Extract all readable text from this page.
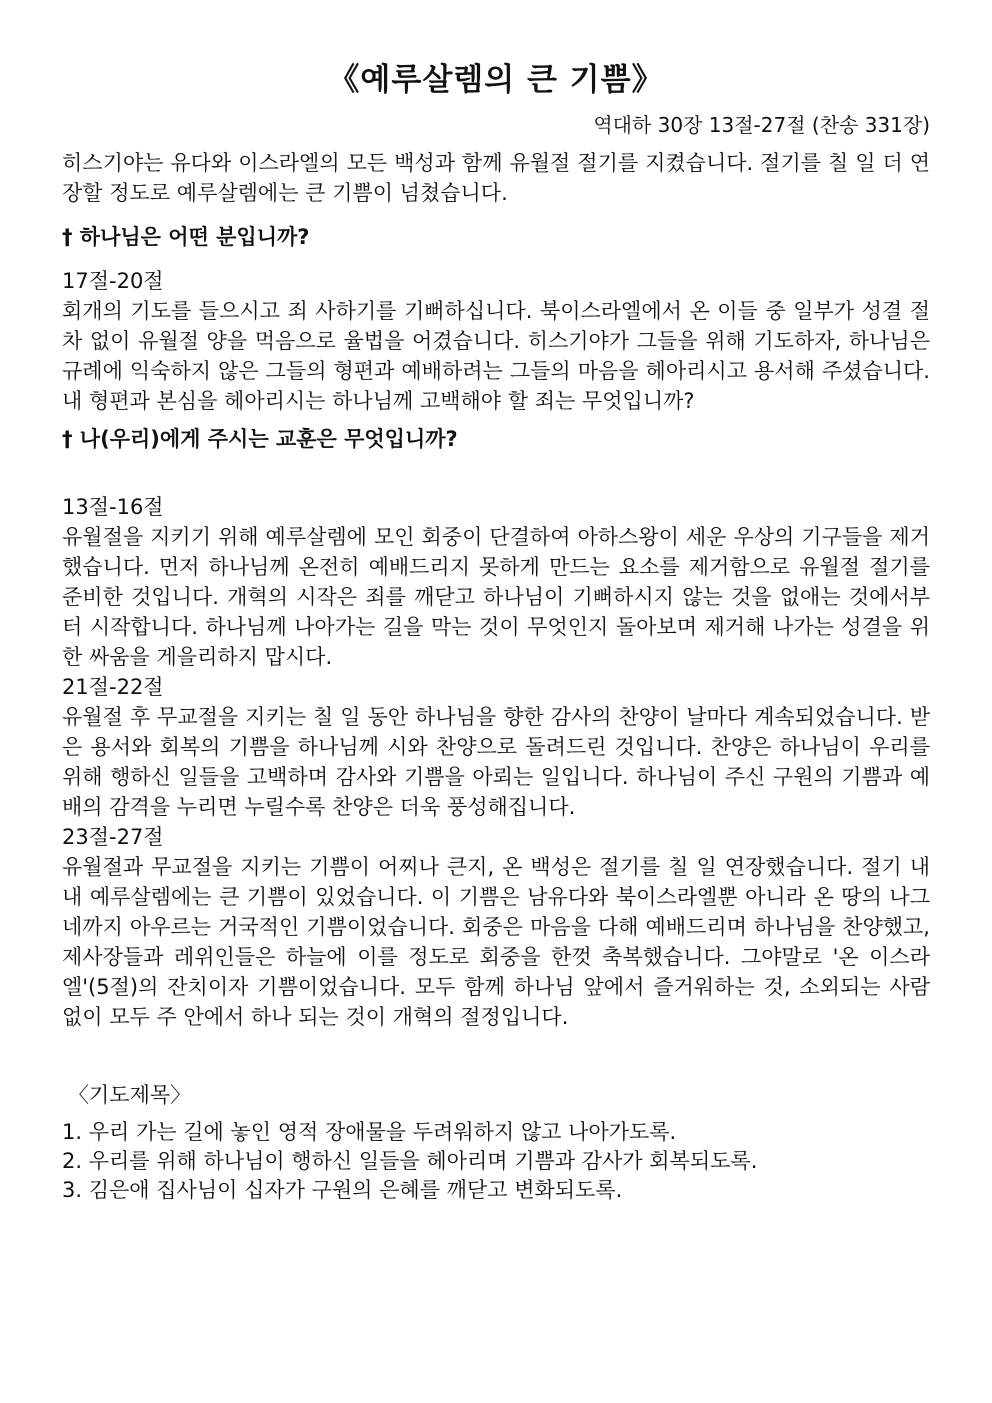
《예루살렘의 큰 기쁨》
역대하 30장 13절-27절 (찬송 331장)

히스기야는 유다와 이스라엘의 모든 백성과 함께 유월절 절기를 지켰습니다. 절기를 칠 일 더 연장할 정도로 예루살렘에는 큰 기쁨이 넘쳤습니다.

† 하나님은 어떤 분입니까?

17절-20절

회개의 기도를 들으시고 죄 사하기를 기뻐하십니다. 북이스라엘에서 온 이들 중 일부가 성결 절차 없이 유월절 양을 먹음으로 율법을 어겼습니다. 히스기야가 그들을 위해 기도하자, 하나님은 규례에 익숙하지 않은 그들의 형편과 예배하려는 그들의 마음을 헤아리시고 용서해 주셨습니다. 내 형편과 본심을 헤아리시는 하나님께 고백해야 할 죄는 무엇입니까?

† 나(우리)에게 주시는 교훈은 무엇입니까?

13절-16절

유월절을 지키기 위해 예루살렘에 모인 회중이 단결하여 아하스왕이 세운 우상의 기구들을 제거했습니다. 먼저 하나님께 온전히 예배드리지 못하게 만드는 요소를 제거함으로 유월절 절기를 준비한 것입니다. 개혁의 시작은 죄를 깨닫고 하나님이 기뻐하시지 않는 것을 없애는 것에서부터 시작합니다. 하나님께 나아가는 길을 막는 것이 무엇인지 돌아보며 제거해 나가는 성결을 위한 싸움을 게을리하지 맙시다.

21절-22절

유월절 후 무교절을 지키는 칠 일 동안 하나님을 향한 감사의 찬양이 날마다 계속되었습니다. 받은 용서와 회복의 기쁨을 하나님께 시와 찬양으로 돌려드린 것입니다. 찬양은 하나님이 우리를 위해 행하신 일들을 고백하며 감사와 기쁨을 아뢰는 일입니다. 하나님이 주신 구원의 기쁨과 예배의 감격을 누리면 누릴수록 찬양은 더욱 풍성해집니다.

23절-27절

유월절과 무교절을 지키는 기쁨이 어찌나 큰지, 온 백성은 절기를 칠 일 연장했습니다. 절기 내내 예루살렘에는 큰 기쁨이 있었습니다. 이 기쁨은 남유다와 북이스라엘뿐 아니라 온 땅의 나그네까지 아우르는 거국적인 기쁨이었습니다. 회중은 마음을 다해 예배드리며 하나님을 찬양했고, 제사장들과 레위인들은 하늘에 이를 정도로 회중을 한껏 축복했습니다. 그야말로 '온 이스라엘'(5절)의 잔치이자 기쁨이었습니다. 모두 함께 하나님 앞에서 즐거워하는 것, 소외되는 사람 없이 모두 주 안에서 하나 되는 것이 개혁의 절정입니다.

〈기도제목〉

1. 우리 가는 길에 놓인 영적 장애물을 두려워하지 않고 나아가도록.
2. 우리를 위해 하나님이 행하신 일들을 헤아리며 기쁨과 감사가 회복되도록.
3. 김은애 집사님이 십자가 구원의 은혜를 깨닫고 변화되도록.
